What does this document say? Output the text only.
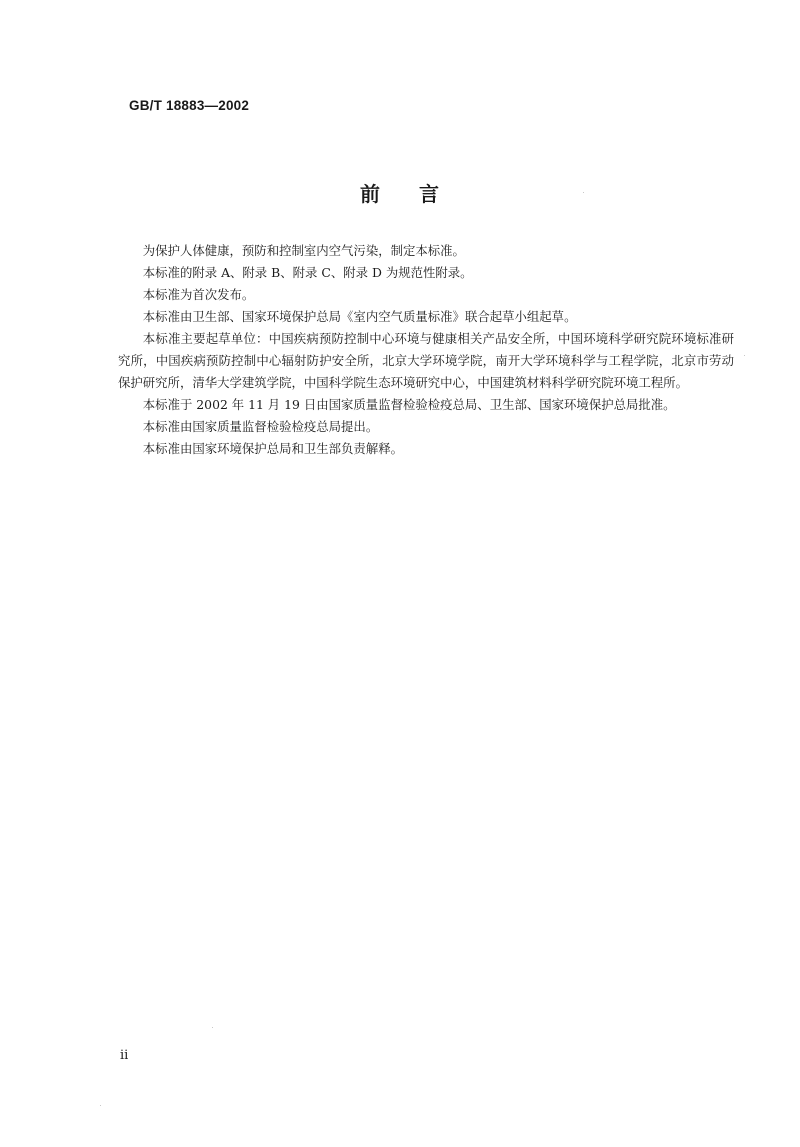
GB/T 18883—2002
前 言

为保护人体健康，预防和控制室内空气污染，制定本标准。

本标准的附录 A、附录 B、附录 C、附录 D 为规范性附录。

本标准为首次发布。

本标准由卫生部、国家环境保护总局《室内空气质量标准》联合起草小组起草。

本标准主要起草单位：中国疾病预防控制中心环境与健康相关产品安全所，中国环境科学研究院环境标准研究所，中国疾病预防控制中心辐射防护安全所，北京大学环境学院，南开大学环境科学与工程学院，北京市劳动保护研究所，清华大学建筑学院，中国科学院生态环境研究中心，中国建筑材料科学研究院环境工程所。

本标准于 2002 年 11 月 19 日由国家质量监督检验检疫总局、卫生部、国家环境保护总局批准。

本标准由国家质量监督检验检疫总局提出。

本标准由国家环境保护总局和卫生部负责解释。

ii
